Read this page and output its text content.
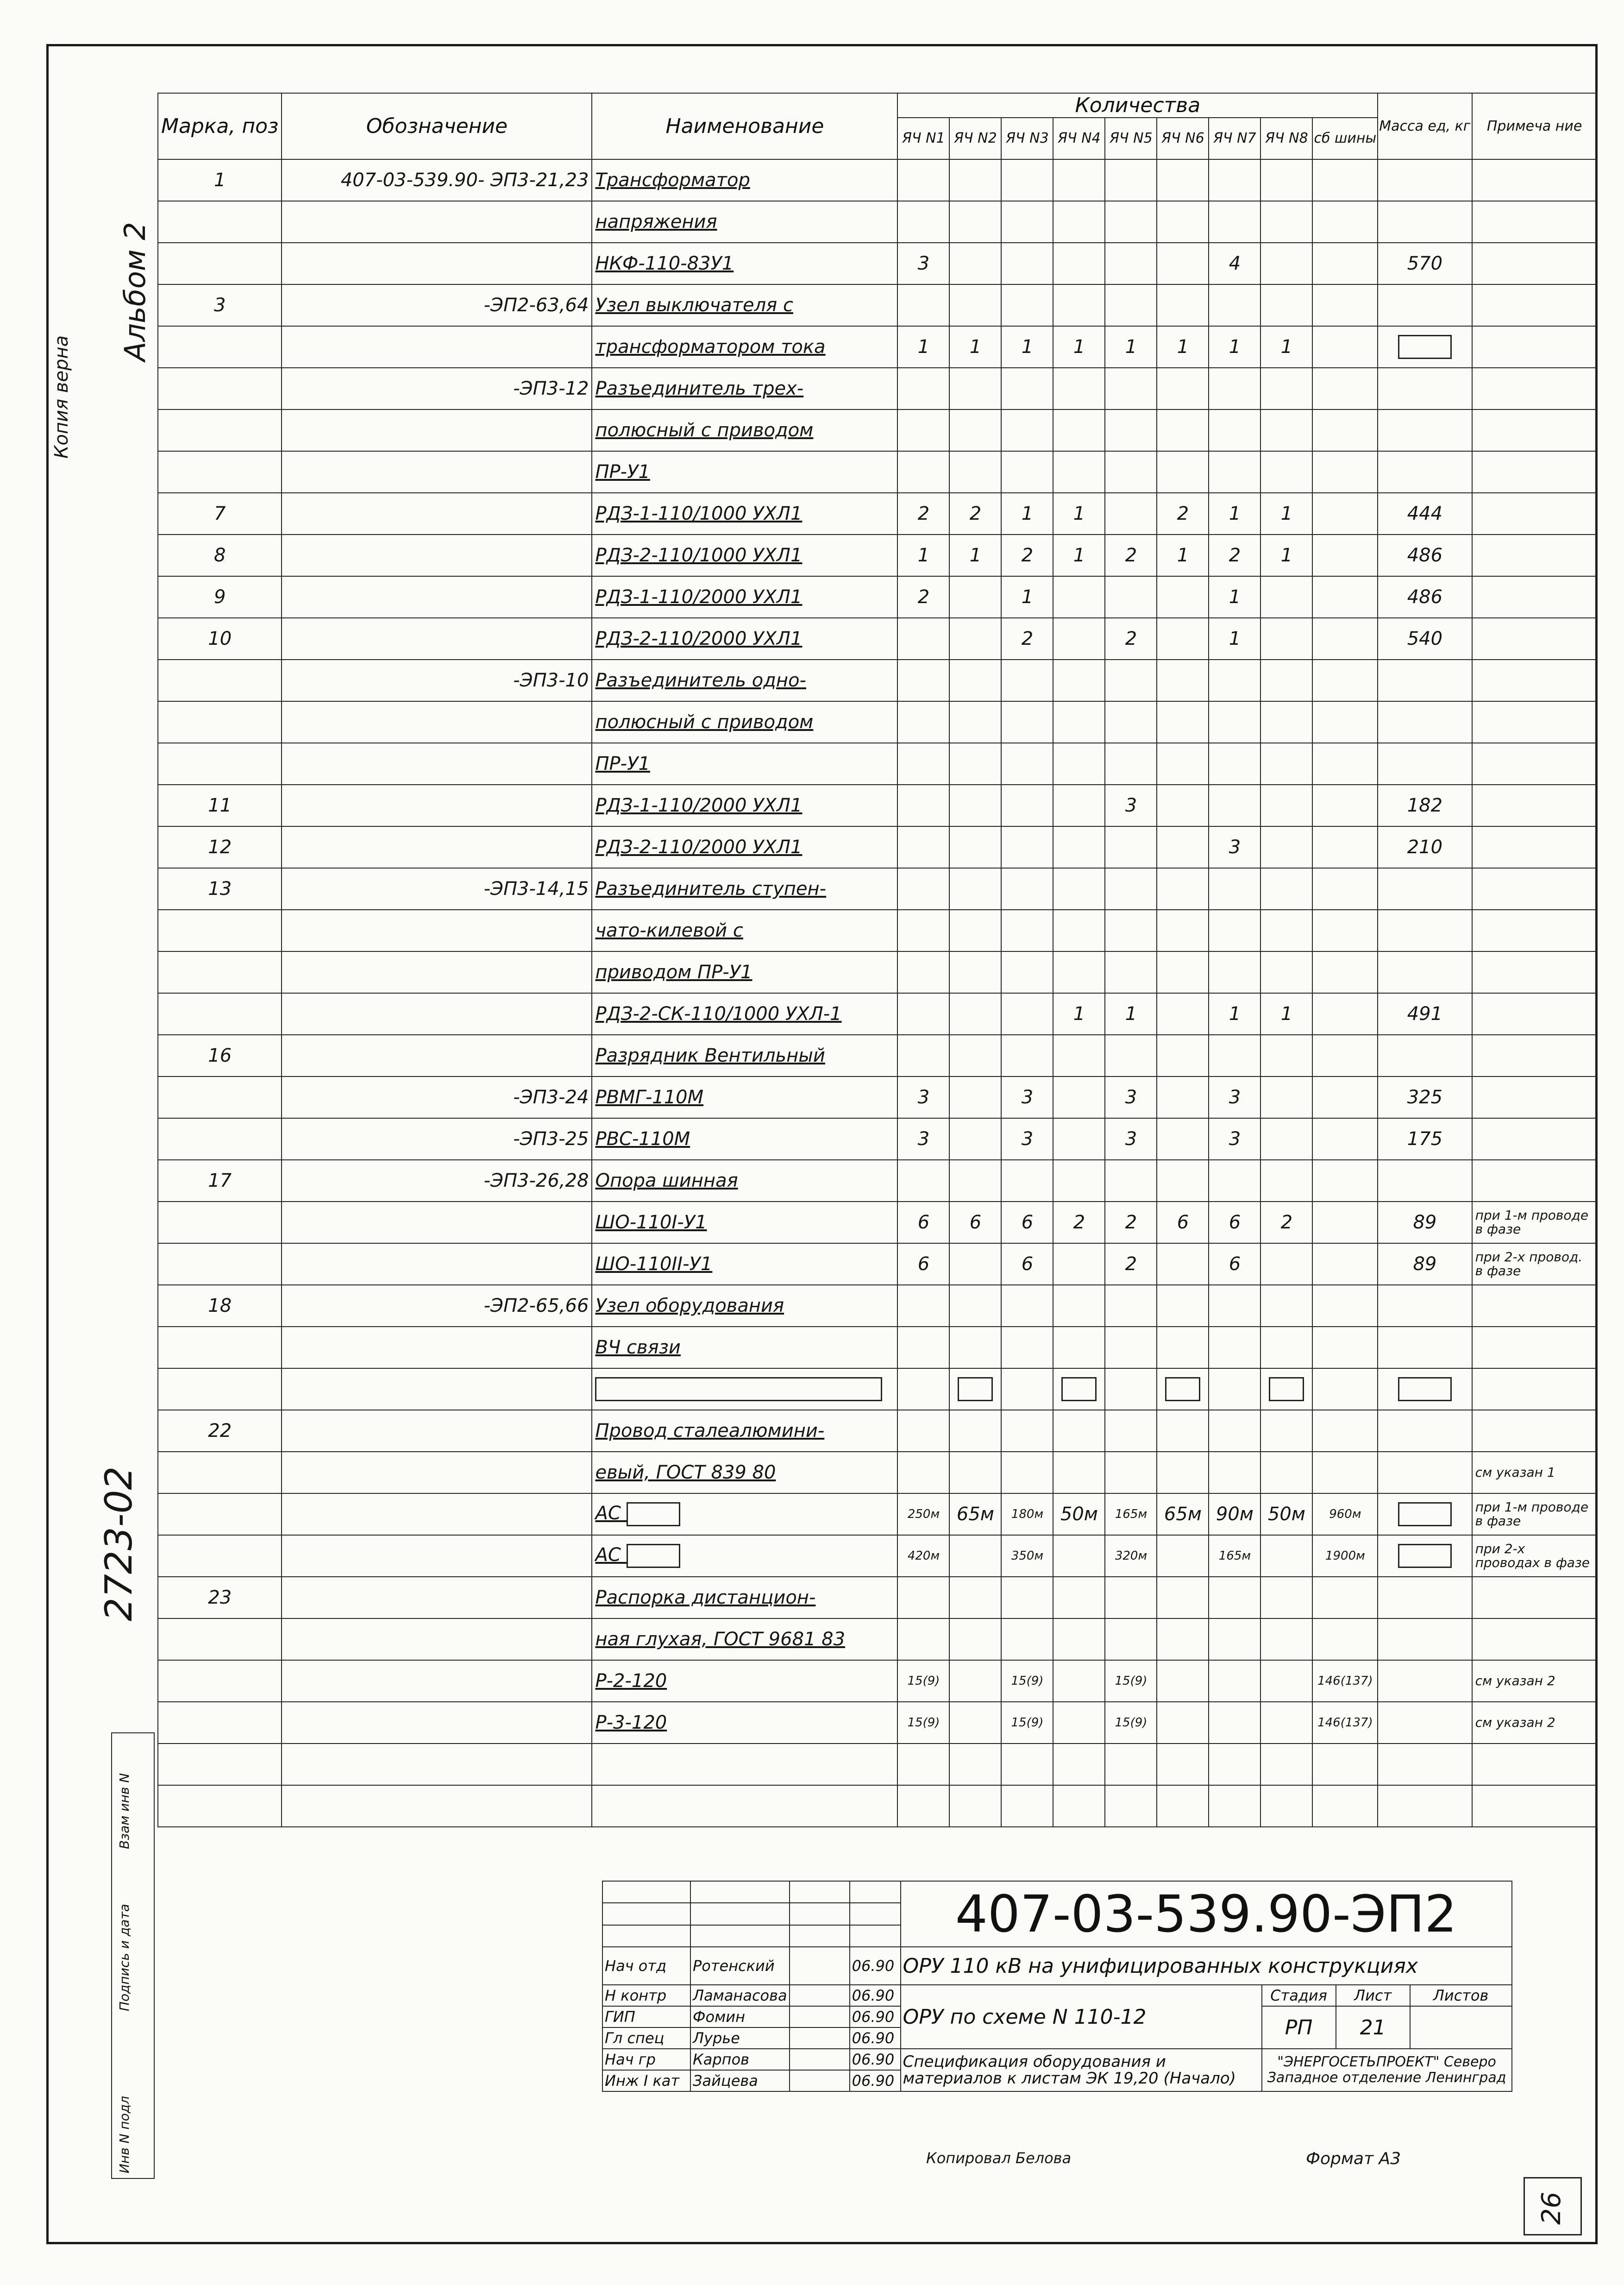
Копия верна
Альбом 2
2723-02
Инв N подл
Подпись и дата
Взам инв N
Марка, поз	Обозначение	Наименование	Количества									Масса ед, кг	Примеча ние
			ЯЧ N1	ЯЧ N2	ЯЧ N3	ЯЧ N4	ЯЧ N5	ЯЧ N6	ЯЧ N7	ЯЧ N8	сб шины		
1	407-03-539.90- ЭП3-21,23	Трансформатор											
		напряжения											
		НКФ-110-83У1	3						4			570	
3	-ЭП2-63,64	Узел выключателя с											
		трансформатором тока	1	1	1	1	1	1	1	1			
	-ЭП3-12	Разъединитель трех-											
		полюсный с приводом											
		ПР-У1											
7		РДЗ-1-110/1000 УХЛ1	2	2	1	1		2	1	1		444	
8		РДЗ-2-110/1000 УХЛ1	1	1	2	1	2	1	2	1		486	
9		РДЗ-1-110/2000 УХЛ1	2		1				1			486	
10		РДЗ-2-110/2000 УХЛ1			2		2		1			540	
	-ЭП3-10	Разъединитель одно-											
		полюсный с приводом											
		ПР-У1											
11		РДЗ-1-110/2000 УХЛ1					3					182	
12		РДЗ-2-110/2000 УХЛ1							3			210	
13	-ЭП3-14,15	Разъединитель ступен-											
		чато-килевой с											
		приводом ПР-У1											
		РДЗ-2-СК-110/1000 УХЛ-1				1	1		1	1		491	
16		Разрядник Вентильный											
	-ЭП3-24	РВМГ-110М	3		3		3		3			325	
	-ЭП3-25	РВС-110М	3		3		3		3			175	
17	-ЭП3-26,28	Опора шинная											
		ШО-110I-У1	6	6	6	2	2	6	6	2		89	при 1-м проводе в фазе
		ШО-110II-У1	6		6		2		6			89	при 2-х провод. в фазе
18	-ЭП2-65,66	Узел оборудования											
		ВЧ связи											

22		Провод сталеалюмини-											
		евый, ГОСТ 839 80											см указан 1
		АС	250м	65м	180м	50м	165м	65м	90м	50м	960м		при 1-м проводе в фазе
		АС	420м		350м		320м		165м		1900м		при 2-х проводах в фазе
23		Распорка дистанцион-											
		ная глухая, ГОСТ 9681 83											
		Р-2-120	15(9)		15(9)		15(9)				146(137)		см указан 2
		Р-3-120	15(9)		15(9)		15(9)				146(137)		см указан 2

				407-03-539.90-ЭП2			

Нач отд	Ротенский		06.90	ОРУ 110 кВ на унифицированных конструкциях			
Н контр	Ламанасова		06.90	ОРУ по схеме N 110-12	Стадия	Лист	Листов
ГИП	Фомин		06.90		РП	21	
Гл спец	Лурье		06.90				
Нач гр	Карпов		06.90	Спецификация оборудования и материалов к листам ЭК 19,20 (Начало)	"ЭНЕРГОСЕТЬПРОЕКТ" Северо Западное отделение Ленинград		
Инж I кат	Зайцева		06.90				
Копировал Белова	Формат А3
26
